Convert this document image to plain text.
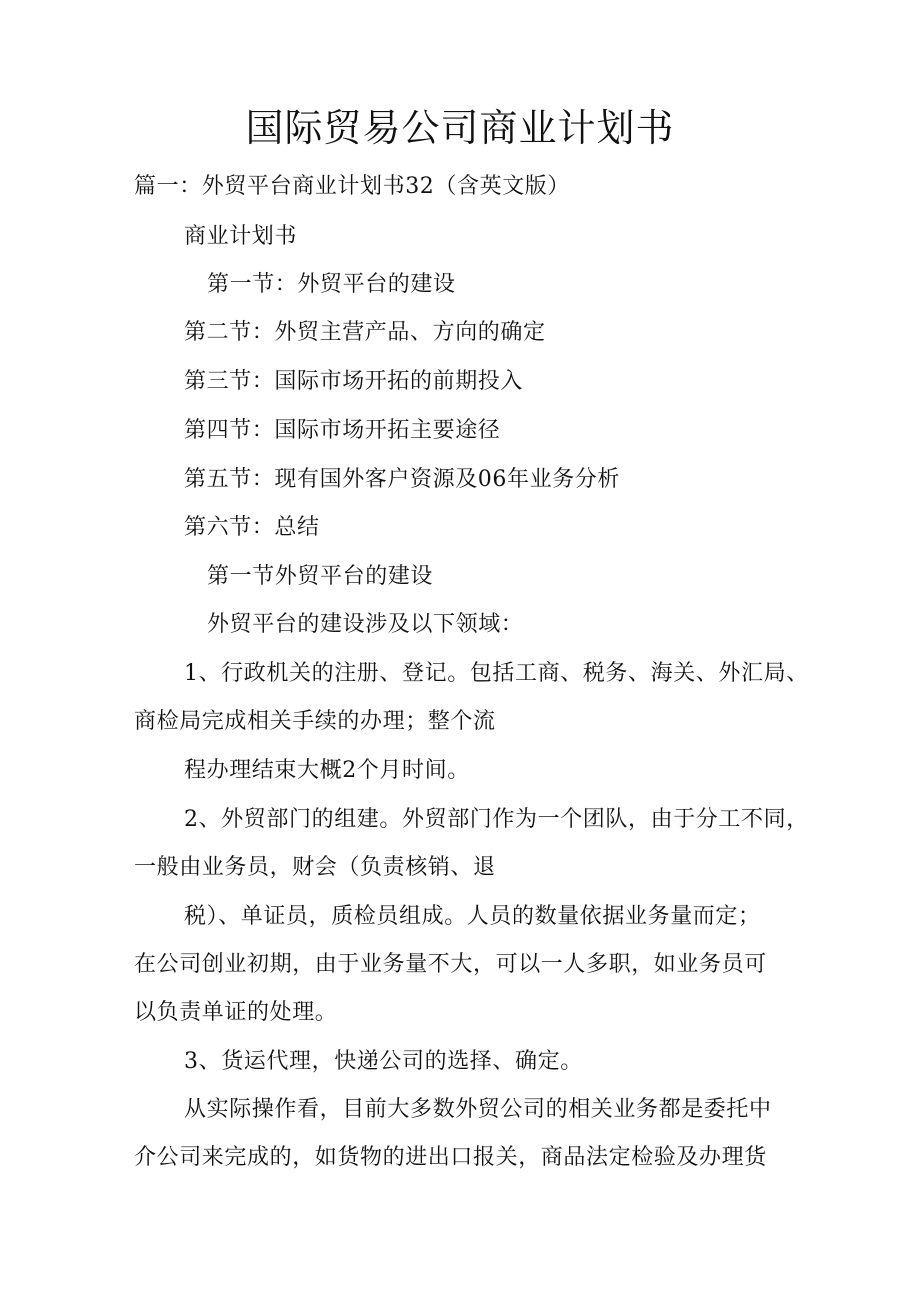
国际贸易公司商业计划书

篇一：外贸平台商业计划书32（含英文版）

商业计划书

第一节：外贸平台的建设

第二节：外贸主营产品、方向的确定

第三节：国际市场开拓的前期投入

第四节：国际市场开拓主要途径

第五节：现有国外客户资源及06年业务分析

第六节：总结

第一节外贸平台的建设

外贸平台的建设涉及以下领域：

1、行政机关的注册、登记。包括工商、税务、海关、外汇局、

商检局完成相关手续的办理；整个流

程办理结束大概2个月时间。

2、外贸部门的组建。外贸部门作为一个团队，由于分工不同，

一般由业务员，财会（负责核销、退

税）、单证员，质检员组成。人员的数量依据业务量而定；

在公司创业初期，由于业务量不大，可以一人多职，如业务员可

以负责单证的处理。

3、货运代理，快递公司的选择、确定。

从实际操作看，目前大多数外贸公司的相关业务都是委托中

介公司来完成的，如货物的进出口报关，商品法定检验及办理货
